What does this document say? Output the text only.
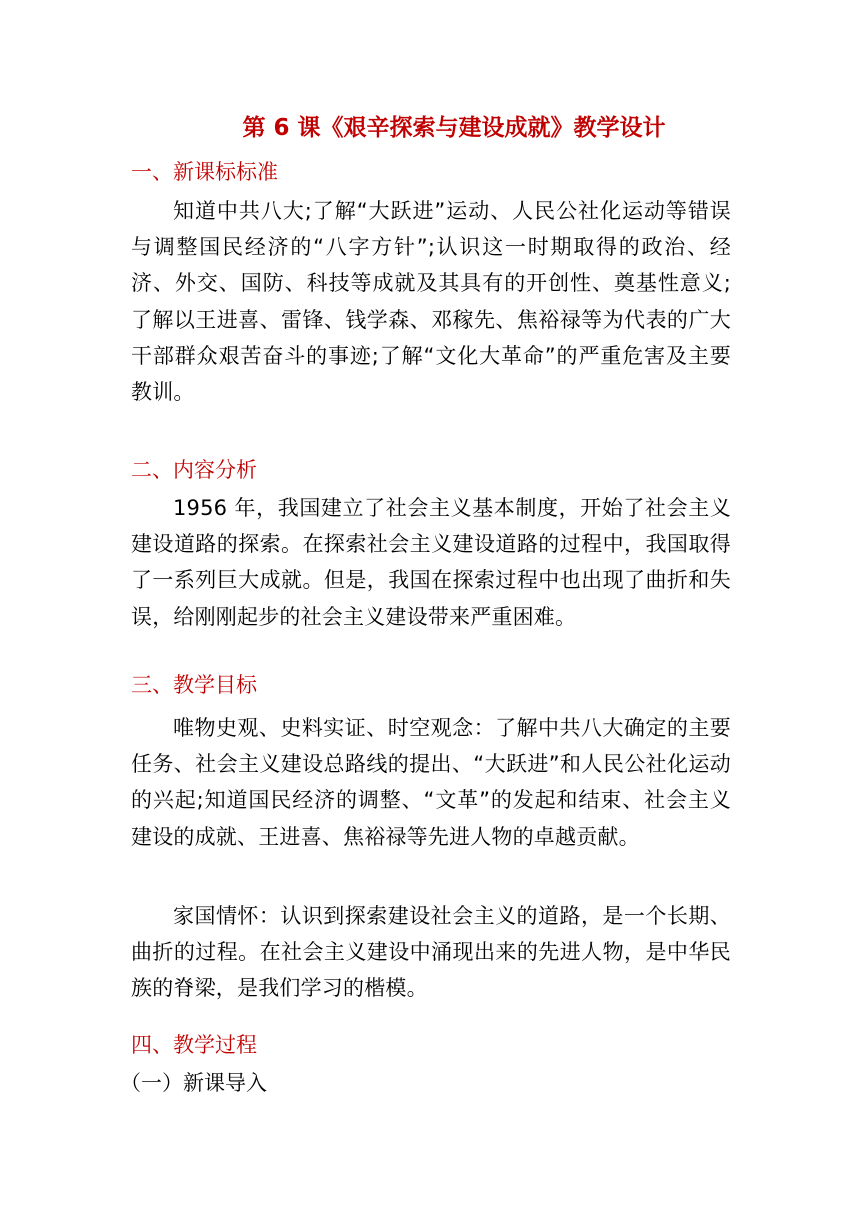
第 6 课《艰辛探索与建设成就》教学设计
一、新课标标准
知道中共八大;了解“大跃进”运动、人民公社化运动等错误与调整国民经济的“八字方针”;认识这一时期取得的政治、经济、外交、国防、科技等成就及其具有的开创性、奠基性意义;了解以王进喜、雷锋、钱学森、邓稼先、焦裕禄等为代表的广大干部群众艰苦奋斗的事迹;了解“文化大革命”的严重危害及主要教训。
二、内容分析
1956 年，我国建立了社会主义基本制度，开始了社会主义建设道路的探索。在探索社会主义建设道路的过程中，我国取得了一系列巨大成就。但是，我国在探索过程中也出现了曲折和失误，给刚刚起步的社会主义建设带来严重困难。
三、教学目标
唯物史观、史料实证、时空观念：了解中共八大确定的主要任务、社会主义建设总路线的提出、“大跃进”和人民公社化运动的兴起;知道国民经济的调整、“文革”的发起和结束、社会主义建设的成就、王进喜、焦裕禄等先进人物的卓越贡献。
家国情怀：认识到探索建设社会主义的道路，是一个长期、曲折的过程。在社会主义建设中涌现出来的先进人物，是中华民族的脊梁，是我们学习的楷模。
四、教学过程
（一）新课导入
